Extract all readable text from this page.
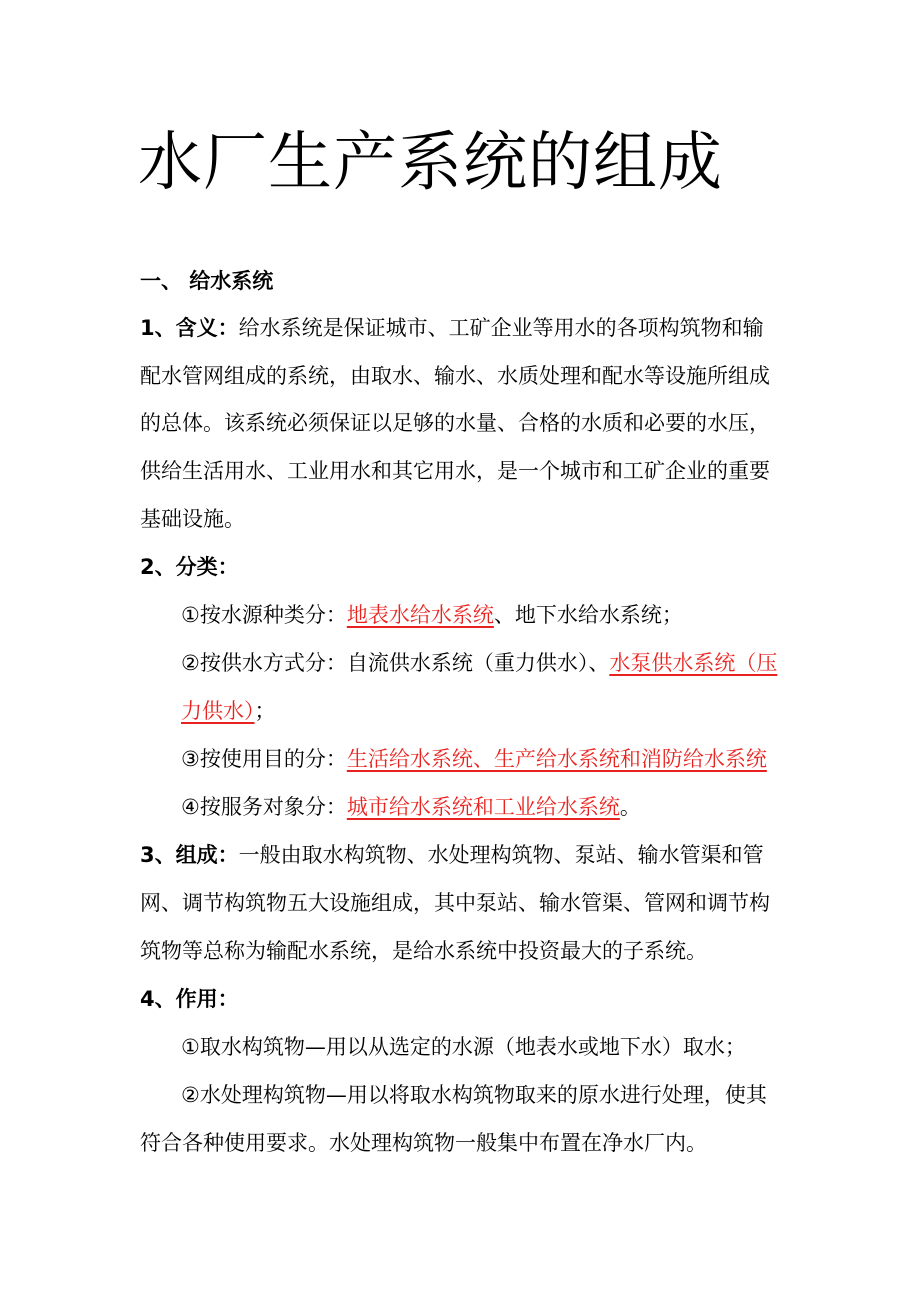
水厂生产系统的组成
一、 给水系统
1、含义：给水系统是保证城市、工矿企业等用水的各项构筑物和输
配水管网组成的系统，由取水、输水、水质处理和配水等设施所组成
的总体。该系统必须保证以足够的水量、合格的水质和必要的水压，
供给生活用水、工业用水和其它用水，是一个城市和工矿企业的重要
基础设施。
2、分类：
①按水源种类分：地表水给水系统、地下水给水系统；
②按供水方式分：自流供水系统（重力供水）、水泵供水系统（压
力供水）；
③按使用目的分：生活给水系统、生产给水系统和消防给水系统
④按服务对象分：城市给水系统和工业给水系统。
3、组成：一般由取水构筑物、水处理构筑物、泵站、输水管渠和管
网、调节构筑物五大设施组成，其中泵站、输水管渠、管网和调节构
筑物等总称为输配水系统，是给水系统中投资最大的子系统。
4、作用：
①取水构筑物—用以从选定的水源（地表水或地下水）取水；
②水处理构筑物—用以将取水构筑物取来的原水进行处理，使其
符合各种使用要求。水处理构筑物一般集中布置在净水厂内。
